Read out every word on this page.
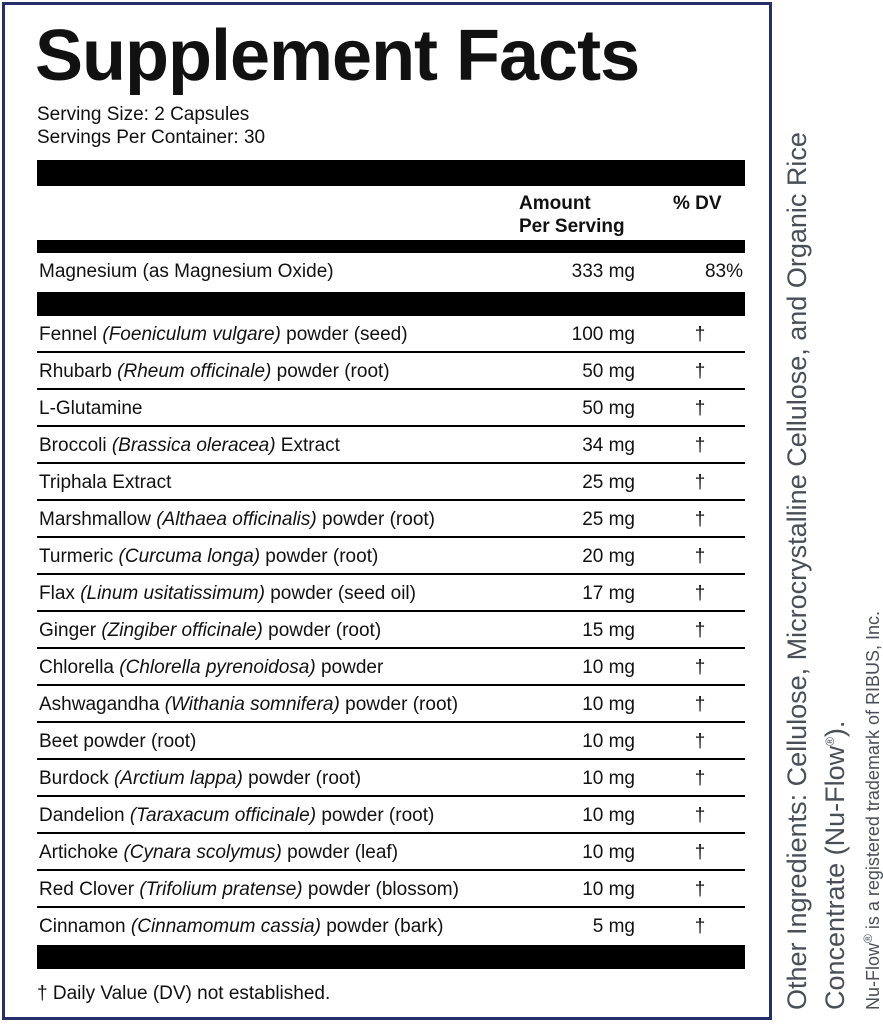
Supplement Facts
Serving Size: 2 Capsules
Servings Per Container: 30
Amount
Per Serving
% DV
Magnesium (as Magnesium Oxide)	333 mg	83%
Fennel (Foeniculum vulgare) powder (seed)	100 mg	†
Rhubarb (Rheum officinale) powder (root)	50 mg	†
L-Glutamine	50 mg	†
Broccoli (Brassica oleracea) Extract	34 mg	†
Triphala Extract	25 mg	†
Marshmallow (Althaea officinalis) powder (root)	25 mg	†
Turmeric (Curcuma longa) powder (root)	20 mg	†
Flax (Linum usitatissimum) powder (seed oil)	17 mg	†
Ginger (Zingiber officinale) powder (root)	15 mg	†
Chlorella (Chlorella pyrenoidosa) powder	10 mg	†
Ashwagandha (Withania somnifera) powder (root)	10 mg	†
Beet powder (root)	10 mg	†
Burdock (Arctium lappa) powder (root)	10 mg	†
Dandelion (Taraxacum officinale) powder (root)	10 mg	†
Artichoke (Cynara scolymus) powder (leaf)	10 mg	†
Red Clover (Trifolium pratense) powder (blossom)	10 mg	†
Cinnamon (Cinnamomum cassia) powder (bark)	5 mg	†
† Daily Value (DV) not established.	Other Ingredients: Cellulose, Microcrystalline Cellulose, and Organic Rice Concentrate (Nu-Flow®).
Nu-Flow® is a registered trademark of RIBUS, Inc.
